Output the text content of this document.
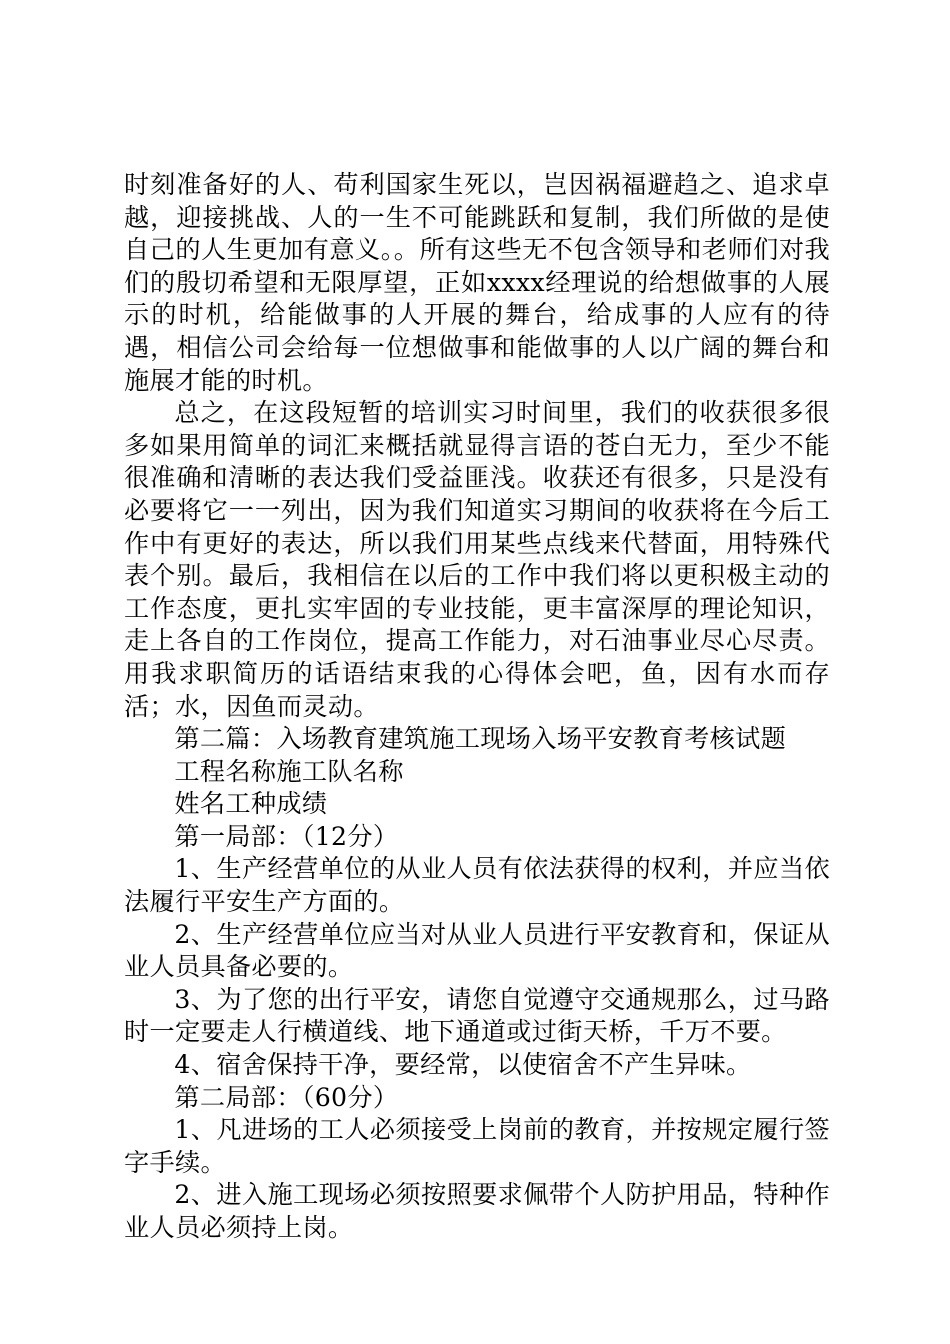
时刻准备好的人、苟利国家生死以，岂因祸福避趋之、追求卓越，迎接挑战、人的一生不可能跳跃和复制，我们所做的是使自己的人生更加有意义。。所有这些无不包含领导和老师们对我们的殷切希望和无限厚望，正如xxxx经理说的给想做事的人展示的时机，给能做事的人开展的舞台，给成事的人应有的待遇，相信公司会给每一位想做事和能做事的人以广阔的舞台和施展才能的时机。

总之，在这段短暂的培训实习时间里，我们的收获很多很多如果用简单的词汇来概括就显得言语的苍白无力，至少不能很准确和清晰的表达我们受益匪浅。收获还有很多，只是没有必要将它一一列出，因为我们知道实习期间的收获将在今后工作中有更好的表达，所以我们用某些点线来代替面，用特殊代表个别。最后，我相信在以后的工作中我们将以更积极主动的工作态度，更扎实牢固的专业技能，更丰富深厚的理论知识，走上各自的工作岗位，提高工作能力，对石油事业尽心尽责。用我求职简历的话语结束我的心得体会吧，鱼，因有水而存活；水，因鱼而灵动。

第二篇：入场教育建筑施工现场入场平安教育考核试题

工程名称施工队名称

姓名工种成绩

第一局部：（12分）

1、生产经营单位的从业人员有依法获得的权利，并应当依法履行平安生产方面的。

2、生产经营单位应当对从业人员进行平安教育和，保证从业人员具备必要的。

3、为了您的出行平安，请您自觉遵守交通规那么，过马路时一定要走人行横道线、地下通道或过街天桥，千万不要。

4、宿舍保持干净，要经常，以使宿舍不产生异味。

第二局部：（60分）

1、凡进场的工人必须接受上岗前的教育，并按规定履行签字手续。

2、进入施工现场必须按照要求佩带个人防护用品，特种作业人员必须持上岗。
